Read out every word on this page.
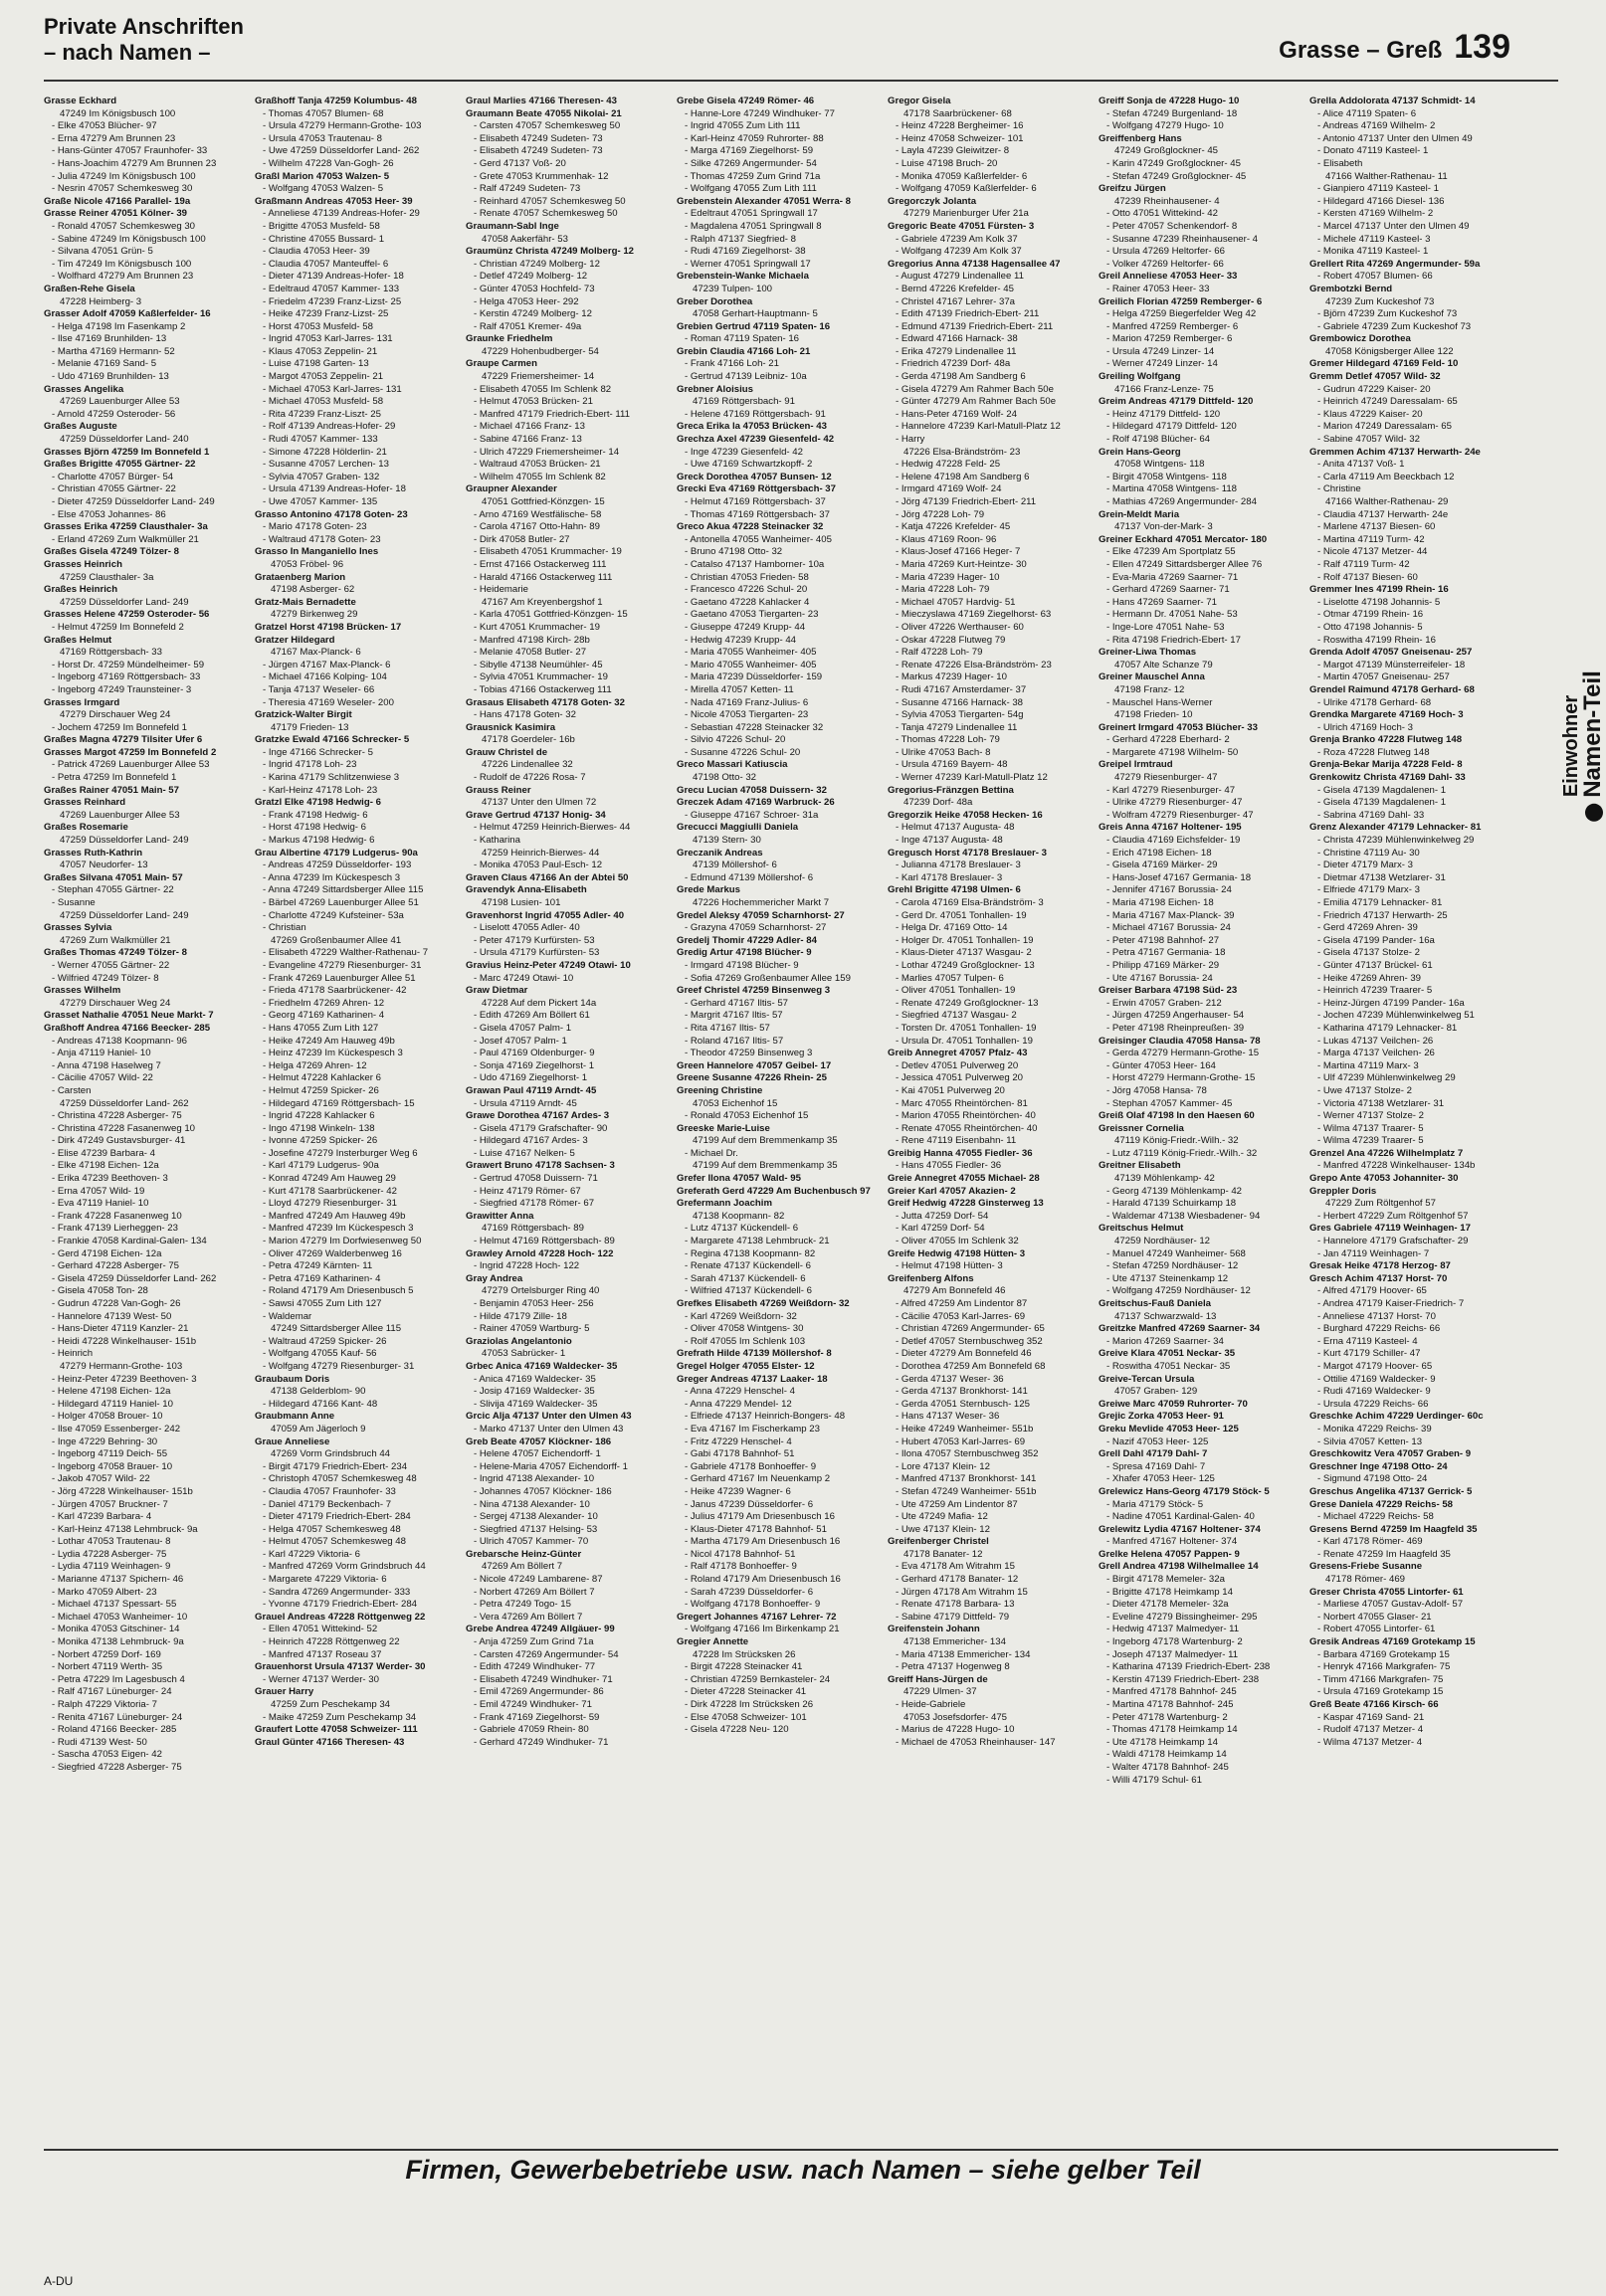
Private Anschriften
– nach Namen –	Grasse – Greß 139
Grasse Eckhard
47249 Im Königsbusch 100
- Elke 47053 Blücher- 97
- Erna 47279 Am Brunnen 23
- Hans-Günter 47057 Fraunhofer- 33
- Hans-Joachim 47279 Am Brunnen 23
- Julia 47249 Im Königsbusch 100
- Nesrin 47057 Schemkesweg 30
Graße Nicole 47166 Parallel- 19a
Grasse Reiner 47051 Kölner- 39
- Ronald 47057 Schemkesweg 30
- Sabine 47249 Im Königsbusch 100
- Silvana 47051 Grün- 5
- Tim 47249 Im Königsbusch 100
- Wolfhard 47279 Am Brunnen 23
Graßen-Rehe Gisela
47228 Heimberg- 3
Grasser Adolf 47059 Kaßlerfelder- 16
- Helga 47198 Im Fasenkamp 2
- Ilse 47169 Brunhilden- 13
- Martha 47169 Hermann- 52
- Melanie 47169 Sand- 5
- Udo 47169 Brunhilden- 13
Grasses Angelika
47269 Lauenburger Allee 53
- Arnold 47259 Osteroder- 56
Graßes Auguste
47259 Düsseldorfer Land- 240
Grasses Björn 47259 Im Bonnefeld 1
Graßes Brigitte 47055 Gärtner- 22
- Charlotte 47057 Bürger- 54
- Christian 47055 Gärtner- 22
- Dieter 47259 Düsseldorfer Land- 249
- Else 47053 Johannes- 86
Grasses Erika 47259 Clausthaler- 3a
- Erland 47269 Zum Walkmüller 21
Graßes Gisela 47249 Tölzer- 8
Grasses Heinrich
47259 Clausthaler- 3a
Graßes Heinrich
47259 Düsseldorfer Land- 249
Grasses Helene 47259 Osteroder- 56
- Helmut 47259 Im Bonnefeld 2
Graßes Helmut
47169 Röttgersbach- 33
- Horst Dr. 47259 Mündelheimer- 59
- Ingeborg 47169 Röttgersbach- 33
- Ingeborg 47249 Traunsteiner- 3
Grasses Irmgard
47279 Dirschauer Weg 24
- Jochem 47259 Im Bonnefeld 1
Graßes Magna 47279 Tilsiter Ufer 6
Grasses Margot 47259 Im Bonnefeld 2
- Patrick 47269 Lauenburger Allee 53
- Petra 47259 Im Bonnefeld 1
Graßes Rainer 47051 Main- 57
Grasses Reinhard
47269 Lauenburger Allee 53
Graßes Rosemarie
47259 Düsseldorfer Land- 249
Grasses Ruth-Kathrin
47057 Neudorfer- 13
Graßes Silvana 47051 Main- 57
- Stephan 47055 Gärtner- 22
- Susanne
47259 Düsseldorfer Land- 249
Grasses Sylvia
47269 Zum Walkmüller 21
Graßes Thomas 47249 Tölzer- 8
- Werner 47055 Gärtner- 22
- Wilfried 47249 Tölzer- 8
Grasses Wilhelm
47279 Dirschauer Weg 24
Grasset Nathalie 47051 Neue Markt- 7
Graßhoff Andrea 47166 Beecker- 285
- Andreas 47138 Koopmann- 96
- Anja 47119 Haniel- 10
- Anna 47198 Haselweg 7
- Cäcilie 47057 Wild- 22
- Carsten
47259 Düsseldorfer Land- 262
- Christina 47228 Asberger- 75
- Christina 47228 Fasanenweg 10
- Dirk 47249 Gustavsburger- 41
- Elise 47239 Barbara- 4
- Elke 47198 Eichen- 12a
- Erika 47239 Beethoven- 3
- Erna 47057 Wild- 19
- Eva 47119 Haniel- 10
- Frank 47228 Fasanenweg 10
- Frank 47139 Lierheggen- 23
- Frankie 47058 Kardinal-Galen- 134
- Gerd 47198 Eichen- 12a
- Gerhard 47228 Asberger- 75
- Gisela 47259 Düsseldorfer Land- 262
- Gisela 47058 Ton- 28
- Gudrun 47228 Van-Gogh- 26
- Hannelore 47139 West- 50
- Hans-Dieter 47119 Kanzler- 21
- Heidi 47228 Winkelhauser- 151b
- Heinrich
47279 Hermann-Grothe- 103
- Heinz-Peter 47239 Beethoven- 3
- Helene 47198 Eichen- 12a
- Hildegard 47119 Haniel- 10
- Holger 47058 Brouer- 10
- Ilse 47059 Essenberger- 242
- Inge 47229 Behring- 30
- Ingeborg 47119 Deich- 55
- Ingeborg 47058 Brauer- 10
- Jakob 47057 Wild- 22
- Jörg 47228 Winkelhauser- 151b
- Jürgen 47057 Bruckner- 7
- Karl 47239 Barbara- 4
- Karl-Heinz 47138 Lehmbruck- 9a
- Lothar 47053 Trautenau- 8
- Lydia 47228 Asberger- 75
- Lydia 47119 Weinhagen- 9
- Marianne 47137 Spichern- 46
- Marko 47059 Albert- 23
- Michael 47137 Spessart- 55
- Michael 47053 Wanheimer- 10
- Monika 47053 Gitschiner- 14
- Monika 47138 Lehmbruck- 9a
- Norbert 47259 Dorf- 169
- Norbert 47119 Werth- 35
- Petra 47229 Im Lagesbusch 4
- Ralf 47167 Lüneburger- 24
- Ralph 47229 Viktoria- 7
- Renita 47167 Lüneburger- 24
- Roland 47166 Beecker- 285
- Rudi 47139 West- 50
- Sascha 47053 Eigen- 42
- Siegfried 47228 Asberger- 75
Graßhoff Tanja 47259 Kolumbus- 48
- Thomas 47057 Blumen- 68
- Ursula 47279 Hermann-Grothe- 103
- Ursula 47053 Trautenau- 8
- Uwe 47259 Düsseldorfer Land- 262
- Wilhelm 47228 Van-Gogh- 26
Graßl Marion 47053 Walzen- 5
- Wolfgang 47053 Walzen- 5
Graßmann Andreas 47053 Heer- 39
- Anneliese 47139 Andreas-Hofer- 29
- Brigitte 47053 Musfeld- 58
- Christine 47055 Bussard- 1
- Claudia 47053 Heer- 39
- Claudia 47057 Manteuffel- 6
- Dieter 47139 Andreas-Hofer- 18
- Edeltraud 47057 Kammer- 133
- Friedelm 47239 Franz-Lizst- 25
- Heike 47239 Franz-Lizst- 25
- Horst 47053 Musfeld- 58
- Ingrid 47053 Karl-Jarres- 131
- Klaus 47053 Zeppelin- 21
- Luise 47198 Garten- 13
- Margot 47053 Zeppelin- 21
- Michael 47053 Karl-Jarres- 131
- Michael 47053 Musfeld- 58
- Rita 47239 Franz-Liszt- 25
- Rolf 47139 Andreas-Hofer- 29
- Rudi 47057 Kammer- 133
- Simone 47228 Hölderlin- 21
- Susanne 47057 Lerchen- 13
- Sylvia 47057 Graben- 132
- Ursula 47139 Andreas-Hofer- 18
- Uwe 47057 Kammer- 135
Grasso Antonino 47178 Goten- 23
- Mario 47178 Goten- 23
- Waltraud 47178 Goten- 23
Grasso In Manganiello Ines
47053 Fröbel- 96
Grataenberg Marion
47198 Asberger- 62
Gratz-Mais Bernadette
47279 Birkenweg 29
Gratzel Horst 47198 Brücken- 17
Gratzer Hildegard
47167 Max-Planck- 6
- Jürgen 47167 Max-Planck- 6
- Michael 47166 Kolping- 104
- Tanja 47137 Weseler- 66
- Theresia 47169 Weseler- 200
Gratzick-Walter Birgit
47179 Frieden- 13
Gratzke Ewald 47166 Schrecker- 5
- Inge 47166 Schrecker- 5
- Ingrid 47178 Loh- 23
- Karina 47179 Schlitzenwiese 3
- Karl-Heinz 47178 Loh- 23
Gratzl Elke 47198 Hedwig- 6
- Frank 47198 Hedwig- 6
- Horst 47198 Hedwig- 6
- Markus 47198 Hedwig- 6
Grau Albertine 47179 Ludgerus- 90a
- Andreas 47259 Düsseldorfer- 193
- Anna 47239 Im Kückespesch 3
- Anna 47249 Sittardsberger Allee 115
- Bärbel 47269 Lauenburger Allee 51
- Charlotte 47249 Kufsteiner- 53a
- Christian
47269 Großenbaumer Allee 41
- Elisabeth 47229 Walther-Rathenau- 7
- Evangeline 47279 Riesenburger- 31
- Frank 47269 Lauenburger Allee 51
- Frieda 47178 Saarbrückener- 42
- Friedhelm 47269 Ahren- 12
- Georg 47169 Katharinen- 4
- Hans 47055 Zum Lith 127
- Heike 47249 Am Hauweg 49b
- Heinz 47239 Im Kückespesch 3
- Helga 47269 Ahren- 12
- Helmut 47228 Kahlacker 6
- Helmut 47259 Spicker- 26
- Hildegard 47169 Röttgersbach- 15
- Ingrid 47228 Kahlacker 6
- Ingo 47198 Winkeln- 138
- Ivonne 47259 Spicker- 26
- Josefine 47279 Insterburger Weg 6
- Karl 47179 Ludgerus- 90a
- Konrad 47249 Am Hauweg 29
- Kurt 47178 Saarbrückener- 42
- Lloyd 47279 Riesenburger- 31
- Manfred 47249 Am Hauweg 49b
- Manfred 47239 Im Kückespesch 3
- Marion 47279 Im Dorfwiesenweg 50
- Oliver 47269 Walderbenweg 16
- Petra 47249 Kärnten- 11
- Petra 47169 Katharinen- 4
- Roland 47179 Am Driesenbusch 5
- Sawsi 47055 Zum Lith 127
- Waldemar
47249 Sittardsberger Allee 115
- Waltraud 47259 Spicker- 26
- Wolfgang 47055 Kauf- 56
- Wolfgang 47279 Riesenburger- 31
Graubaum Doris
47138 Gelderblom- 90
- Hildegard 47166 Kant- 48
Graubmann Anne
47059 Am Jägerloch 9
Graue Anneliese
47269 Vorm Grindsbruch 44
- Birgit 47179 Friedrich-Ebert- 234
- Christoph 47057 Schemkesweg 48
- Claudia 47057 Fraunhofer- 33
- Daniel 47179 Beckenbach- 7
- Dieter 47179 Friedrich-Ebert- 284
- Helga 47057 Schemkesweg 48
- Helmut 47057 Schemkesweg 48
- Karl 47229 Viktoria- 6
- Manfred 47269 Vorm Grindsbruch 44
- Margarete 47229 Viktoria- 6
- Sandra 47269 Angermunder- 333
- Yvonne 47179 Friedrich-Ebert- 284
Grauel Andreas 47228 Röttgenweg 22
- Ellen 47051 Wittekind- 52
- Heinrich 47228 Röttgenweg 22
- Manfred 47137 Roseau 37
Grauenhorst Ursula 47137 Werder- 30
- Werner 47137 Werder- 30
Grauer Harry
47259 Zum Peschekamp 34
- Maike 47259 Zum Peschekamp 34
Graufert Lotte 47058 Schweizer- 111
Graul Günter 47166 Theresen- 43
Graul Marlies 47166 Theresen- 43
Graumann Beate 47055 Nikolai- 21
- Carsten 47057 Schemkesweg 50
- Elisabeth 47249 Sudeten- 73
- Elisabeth 47249 Sudeten- 73
- Gerd 47137 Voß- 20
- Grete 47053 Krummenhak- 12
- Ralf 47249 Sudeten- 73
- Reinhard 47057 Schemkesweg 50
- Renate 47057 Schemkesweg 50
Graumann-Sabl Inge
47058 Aakerfähr- 53
Graumünz Christa 47249 Molberg- 12
- Christian 47249 Molberg- 12
- Detlef 47249 Molberg- 12
- Günter 47053 Hochfeld- 73
- Helga 47053 Heer- 292
- Kerstin 47249 Molberg- 12
- Ralf 47051 Kremer- 49a
Graunke Friedhelm
47229 Hohenbudberger- 54
Graupe Carmen
47229 Friemersheimer- 14
- Elisabeth 47055 Im Schlenk 82
- Helmut 47053 Brücken- 21
- Manfred 47179 Friedrich-Ebert- 111
- Michael 47166 Franz- 13
- Sabine 47166 Franz- 13
- Ulrich 47229 Friemersheimer- 14
- Waltraud 47053 Brücken- 21
- Wilhelm 47055 Im Schlenk 82
Graupner Alexander
47051 Gottfried-Könzgen- 15
- Arno 47169 Westfälische- 58
- Carola 47167 Otto-Hahn- 89
- Dirk 47058 Butler- 27
- Elisabeth 47051 Krummacher- 19
- Ernst 47166 Ostackerweg 111
- Harald 47166 Ostackerweg 111
- Heidemarie
47167 Am Kreyenbergshof 1
- Karla 47051 Gottfried-Könzgen- 15
- Kurt 47051 Krummacher- 19
- Manfred 47198 Kirch- 28b
- Melanie 47058 Butler- 27
- Sibylle 47138 Neumühler- 45
- Sylvia 47051 Krummacher- 19
- Tobias 47166 Ostackerweg 111
Grasaus Elisabeth 47178 Goten- 32
- Hans 47178 Goten- 32
Grausnick Kasimira
47178 Goerdeler- 16b
Grauw Christel de
47226 Lindenallee 32
- Rudolf de 47226 Rosa- 7
Grauss Reiner
47137 Unter den Ulmen 72
Grave Gertrud 47137 Honig- 34
- Helmut 47259 Heinrich-Bierwes- 44
- Katharina
47259 Heinrich-Bierwes- 44
- Monika 47053 Paul-Esch- 12
Graven Claus 47166 An der Abtei 50
Gravendyk Anna-Elisabeth
47198 Lusien- 101
Gravenhorst Ingrid 47055 Adler- 40
- Liselott 47055 Adler- 40
- Peter 47179 Kurfürsten- 53
- Ursula 47179 Kurfürsten- 53
Gravius Heinz-Peter 47249 Otawi- 10
- Marc 47249 Otawi- 10
Graw Dietmar
47228 Auf dem Pickert 14a
- Edith 47269 Am Böllert 61
- Gisela 47057 Palm- 1
- Josef 47057 Palm- 1
- Paul 47169 Oldenburger- 9
- Sonja 47169 Ziegelhorst- 1
- Udo 47169 Ziegelhorst- 1
Grawan Paul 47119 Arndt- 45
- Ursula 47119 Arndt- 45
Grawe Dorothea 47167 Ardes- 3
- Gisela 47179 Grafschafter- 90
- Hildegard 47167 Ardes- 3
- Luise 47167 Nelken- 5
Grawert Bruno 47178 Sachsen- 3
- Gertrud 47058 Duissern- 71
- Heinz 47179 Römer- 67
- Siegfried 47178 Römer- 67
Grawitter Anna
47169 Röttgersbach- 89
- Helmut 47169 Röttgersbach- 89
Grawley Arnold 47228 Hoch- 122
- Ingrid 47228 Hoch- 122
Gray Andrea
47279 Ortelsburger Ring 40
- Benjamin 47053 Heer- 256
- Hilde 47179 Zille- 18
- Rainer 47059 Wartburg- 5
Graziolas Angelantonio
47053 Sabrücker- 1
Grbec Anica 47169 Waldecker- 35
- Anica 47169 Waldecker- 35
- Josip 47169 Waldecker- 35
- Slivija 47169 Waldecker- 35
Grcic Alja 47137 Unter den Ulmen 43
- Marko 47137 Unter den Ulmen 43
Greb Beate 47057 Klöckner- 186
- Helene 47057 Eichendorff- 1
- Helene-Maria 47057 Eichendorff- 1
- Ingrid 47138 Alexander- 10
- Johannes 47057 Klöckner- 186
- Nina 47138 Alexander- 10
- Sergej 47138 Alexander- 10
- Siegfried 47137 Helsing- 53
- Ulrich 47057 Kammer- 70
Grebarsche Heinz-Günter
47269 Am Böllert 7
- Nicole 47249 Lambarene- 87
- Norbert 47269 Am Böllert 7
- Petra 47249 Togo- 15
- Vera 47269 Am Böllert 7
Grebe Andrea 47249 Allgäuer- 99
- Anja 47259 Zum Grind 71a
- Carsten 47269 Angermunder- 54
- Edith 47249 Windhuker- 77
- Elisabeth 47249 Windhuker- 71
- Emil 47269 Angermunder- 86
- Emil 47249 Windhuker- 71
- Frank 47169 Ziegelhorst- 59
- Gabriele 47059 Rhein- 80
- Gerhard 47249 Windhuker- 71
Grebe Gisela 47249 Römer- 46
- Hanne-Lore 47249 Windhuker- 77
- Ingrid 47055 Zum Lith 111
- Karl-Heinz 47059 Ruhrorter- 88
- Marga 47169 Ziegelhorst- 59
- Silke 47269 Angermunder- 54
- Thomas 47259 Zum Grind 71a
- Wolfgang 47055 Zum Lith 111
Grebenstein Alexander 47051 Werra- 8
- Edeltraut 47051 Springwall 17
- Magdalena 47051 Springwall 8
- Ralph 47137 Siegfried- 8
- Rudi 47169 Ziegelhorst- 38
- Werner 47051 Springwall 17
Grebenstein-Wanke Michaela
47239 Tulpen- 100
Greber Dorothea
47058 Gerhart-Hauptmann- 5
Grebien Gertrud 47119 Spaten- 16
- Roman 47119 Spaten- 16
Grebin Claudia 47166 Loh- 21
- Frank 47166 Loh- 21
- Gertrud 47139 Leibniz- 10a
Grebner Aloisius
47169 Röttgersbach- 91
- Helene 47169 Röttgersbach- 91
Greca Erika la 47053 Brücken- 43
Grechza Axel 47239 Giesenfeld- 42
- Inge 47239 Giesenfeld- 42
- Uwe 47169 Schwartzkopff- 2
Greck Dorothea 47057 Bunsen- 12
Grecki Eva 47169 Röttgersbach- 37
- Helmut 47169 Röttgersbach- 37
- Thomas 47169 Röttgersbach- 37
Greco Akua 47228 Steinacker 32
- Antonella 47055 Wanheimer- 405
- Bruno 47198 Otto- 32
- Catalso 47137 Hamborner- 10a
- Christian 47053 Frieden- 58
- Francesco 47226 Schul- 20
- Gaetano 47228 Kahlacker 4
- Gaetano 47053 Tiergarten- 23
- Giuseppe 47249 Krupp- 44
- Hedwig 47239 Krupp- 44
- Maria 47055 Wanheimer- 405
- Mario 47055 Wanheimer- 405
- Maria 47239 Düsseldorfer- 159
- Mirella 47057 Ketten- 11
- Nada 47169 Franz-Julius- 6
- Nicole 47053 Tiergarten- 23
- Sebastian 47228 Steinacker 32
- Silvio 47226 Schul- 20
- Susanne 47226 Schul- 20
Greco Massari Katiuscia
47198 Otto- 32
Grecu Lucian 47058 Duissern- 32
Greczek Adam 47169 Warbruck- 26
- Giuseppe 47167 Schroer- 31a
Grecucci Maggiulli Daniela
47139 Stern- 30
Greczanik Andreas
47139 Möllershof- 6
- Edmund 47139 Möllershof- 6
Grede Markus
47226 Hochemmericher Markt 7
Gredel Aleksy 47059 Scharnhorst- 27
- Grazyna 47059 Scharnhorst- 27
Gredelj Thomir 47229 Adler- 84
Gredig Artur 47198 Blücher- 9
- Irmgard 47198 Blücher- 9
- Sofia 47269 Großenbaumer Allee 159
Greef Christel 47259 Binsenweg 3
- Gerhard 47167 Iltis- 57
- Margrit 47167 Iltis- 57
- Rita 47167 Iltis- 57
- Roland 47167 Iltis- 57
- Theodor 47259 Binsenweg 3
Green Hannelore 47057 Geibel- 17
Greene Susanne 47226 Rhein- 25
Greening Christine
47053 Eichenhof 15
- Ronald 47053 Eichenhof 15
Greeske Marie-Luise
47199 Auf dem Bremmenkamp 35
- Michael Dr.
47199 Auf dem Bremmenkamp 35
Grefer Ilona 47057 Wald- 95
Greferath Gerd 47229 Am Buchenbusch 97
Grefermann Joachim
47138 Koopmann- 82
- Lutz 47137 Kückendell- 6
- Margarete 47138 Lehmbruck- 21
- Regina 47138 Koopmann- 82
- Renate 47137 Kückendell- 6
- Sarah 47137 Kückendell- 6
- Wilfried 47137 Kückendell- 6
Grefkes Elisabeth 47269 Weißdorn- 32
- Karl 47269 Weißdorn- 32
- Oliver 47058 Wintgens- 30
- Rolf 47055 Im Schlenk 103
Grefrath Hilde 47139 Möllershof- 8
Gregel Holger 47055 Elster- 12
Greger Andreas 47137 Laaker- 18
- Anna 47229 Henschel- 4
- Anna 47229 Mendel- 12
- Elfriede 47137 Heinrich-Bongers- 48
- Eva 47167 Im Fischerkamp 23
- Fritz 47229 Henschel- 4
- Gabi 47178 Bahnhof- 51
- Gabriele 47178 Bonhoeffer- 9
- Gerhard 47167 Im Neuenkamp 2
- Heike 47239 Wagner- 6
- Janus 47239 Düsseldorfer- 6
- Julius 47179 Am Driesenbusch 16
- Klaus-Dieter 47178 Bahnhof- 51
- Martha 47179 Am Driesenbusch 16
- Nicol 47178 Bahnhof- 51
- Ralf 47178 Bonhoeffer- 9
- Roland 47179 Am Driesenbusch 16
- Sarah 47239 Düsseldorfer- 6
- Wolfgang 47178 Bonhoeffer- 9
Gregert Johannes 47167 Lehrer- 72
- Wolfgang 47166 Im Birkenkamp 21
Gregier Annette
47228 Im Strücksken 26
- Birgit 47228 Steinacker 41
- Christian 47259 Bernkasteler- 24
- Dieter 47228 Steinacker 41
- Dirk 47228 Im Strücksken 26
- Else 47058 Schweizer- 101
- Gisela 47228 Neu- 120
Gregor Gisela
47178 Saarbrückener- 68
- Heinz 47228 Bergheimer- 16
- Heinz 47058 Schweizer- 101
- Layla 47239 Gleiwitzer- 8
- Luise 47198 Bruch- 20
- Monika 47059 Kaßlerfelder- 6
- Wolfgang 47059 Kaßlerfelder- 6
Gregorczyk Jolanta
47279 Marienburger Ufer 21a
Gregoric Beate 47051 Fürsten- 3
- Gabriele 47239 Am Kolk 37
- Wolfgang 47239 Am Kolk 37
Gregorius Anna 47138 Hagensallee 47
- August 47279 Lindenallee 11
- Bernd 47226 Krefelder- 45
- Christel 47167 Lehrer- 37a
- Edith 47139 Friedrich-Ebert- 211
- Edmund 47139 Friedrich-Ebert- 211
- Edward 47166 Harnack- 38
- Erika 47279 Lindenallee 11
- Friedrich 47239 Dorf- 48a
- Gerda 47198 Am Sandberg 6
- Gisela 47279 Am Rahmer Bach 50e
- Günter 47279 Am Rahmer Bach 50e
- Hans-Peter 47169 Wolf- 24
- Hannelore 47239 Karl-Matull-Platz 12
- Harry
47226 Elsa-Brändström- 23
- Hedwig 47228 Feld- 25
- Helene 47198 Am Sandberg 6
- Irmgard 47169 Wolf- 24
- Jörg 47139 Friedrich-Ebert- 211
- Jörg 47228 Loh- 79
- Katja 47226 Krefelder- 45
- Klaus 47169 Roon- 96
- Klaus-Josef 47166 Heger- 7
- Maria 47269 Kurt-Heintze- 30
- Maria 47239 Hager- 10
- Maria 47228 Loh- 79
- Michael 47057 Hardvig- 51
- Mieczyslawa 47169 Ziegelhorst- 63
- Oliver 47226 Werthauser- 60
- Oskar 47228 Flutweg 79
- Ralf 47228 Loh- 79
- Renate 47226 Elsa-Brändström- 23
- Markus 47239 Hager- 10
- Rudi 47167 Amsterdamer- 37
- Susanne 47166 Harnack- 38
- Sylvia 47053 Tiergarten- 54g
- Tanja 47279 Lindenallee 11
- Thomas 47228 Loh- 79
- Ulrike 47053 Bach- 8
- Ursula 47169 Bayern- 48
- Werner 47239 Karl-Matull-Platz 12
Gregorius-Fränzgen Bettina
47239 Dorf- 48a
Gregorzik Heike 47058 Hecken- 16
- Helmut 47137 Augusta- 48
- Inge 47137 Augusta- 48
Gregusch Horst 47178 Breslauer- 3
- Julianna 47178 Breslauer- 3
- Karl 47178 Breslauer- 3
Grehl Brigitte 47198 Ulmen- 6
- Carola 47169 Elsa-Brändström- 3
- Gerd Dr. 47051 Tonhallen- 19
- Helga Dr. 47169 Otto- 14
- Holger Dr. 47051 Tonhallen- 19
- Klaus-Dieter 47137 Wasgau- 2
- Lothar 47249 Großglockner- 13
- Marlies 47057 Tulpen- 6
- Oliver 47051 Tonhallen- 19
- Renate 47249 Großglockner- 13
- Siegfried 47137 Wasgau- 2
- Torsten Dr. 47051 Tonhallen- 19
- Ursula Dr. 47051 Tonhallen- 19
Greib Annegret 47057 Pfalz- 43
- Detlev 47051 Pulverweg 20
- Jessica 47051 Pulverweg 20
- Kai 47051 Pulverweg 20
- Marc 47055 Rheintörchen- 81
- Marion 47055 Rheintörchen- 40
- Renate 47055 Rheintörchen- 40
- Rene 47119 Eisenbahn- 11
Greibig Hanna 47055 Fiedler- 36
- Hans 47055 Fiedler- 36
Greie Annegret 47055 Michael- 28
Greier Karl 47057 Akazien- 2
Greif Hedwig 47228 Ginsterweg 13
- Jutta 47259 Dorf- 54
- Karl 47259 Dorf- 54
- Oliver 47055 Im Schlenk 32
Greife Hedwig 47198 Hütten- 3
- Helmut 47198 Hütten- 3
Greifenberg Alfons
47279 Am Bonnefeld 46
- Alfred 47259 Am Lindentor 87
- Cäcilie 47053 Karl-Jarres- 69
- Christian 47269 Angermunder- 65
- Detlef 47057 Sternbuschweg 352
- Dieter 47279 Am Bonnefeld 46
- Dorothea 47259 Am Bonnefeld 68
- Gerda 47137 Weser- 36
- Gerda 47137 Bronkhorst- 141
- Gerda 47051 Sternbusch- 125
- Hans 47137 Weser- 36
- Heike 47249 Wanheimer- 551b
- Hubert 47053 Karl-Jarres- 69
- Ilona 47057 Sternbuschweg 352
- Lore 47137 Klein- 12
- Manfred 47137 Bronkhorst- 141
- Stefan 47249 Wanheimer- 551b
- Ute 47259 Am Lindentor 87
- Ute 47249 Mafia- 12
- Uwe 47137 Klein- 12
Greifenberger Christel
47178 Banater- 12
- Eva 47178 Am Witrahm 15
- Gerhard 47178 Banater- 12
- Jürgen 47178 Am Witrahm 15
- Renate 47178 Barbara- 13
- Sabine 47179 Dittfeld- 79
Greifenstein Johann
47138 Emmericher- 134
- Maria 47138 Emmericher- 134
- Petra 47137 Hogenweg 8
Greiff Hans-Jürgen de
47229 Ulmen- 37
- Heide-Gabriele
47053 Josefsdorfer- 475
- Marius de 47228 Hugo- 10
- Michael de 47053 Rheinhauser- 147
Greiff Sonja de 47228 Hugo- 10
- Stefan 47249 Burgenland- 18
- Wolfgang 47279 Hugo- 10
Greiffenberg Hans
47249 Großglockner- 45
- Karin 47249 Großglockner- 45
- Stefan 47249 Großglockner- 45
Greifzu Jürgen
47239 Rheinhausener- 4
- Otto 47051 Wittekind- 42
- Peter 47057 Schenkendorf- 8
- Susanne 47239 Rheinhausener- 4
- Ursula 47269 Heltorfer- 66
- Volker 47269 Heltorfer- 66
Greil Anneliese 47053 Heer- 33
- Rainer 47053 Heer- 33
Greilich Florian 47259 Remberger- 6
- Helga 47259 Biegerfelder Weg 42
- Manfred 47259 Remberger- 6
- Marion 47259 Remberger- 6
- Ursula 47249 Linzer- 14
- Werner 47249 Linzer- 14
Greiling Wolfgang
47166 Franz-Lenze- 75
Greim Andreas 47179 Dittfeld- 120
- Heinz 47179 Dittfeld- 120
- Hildegard 47179 Dittfeld- 120
- Rolf 47198 Blücher- 64
Grein Hans-Georg
47058 Wintgens- 118
- Birgit 47058 Wintgens- 118
- Martina 47058 Wintgens- 118
- Mathias 47269 Angermunder- 284
Grein-Meldt Maria
47137 Von-der-Mark- 3
Greiner Eckhard 47051 Mercator- 180
- Elke 47239 Am Sportplatz 55
- Ellen 47249 Sittardsberger Allee 76
- Eva-Maria 47269 Saarner- 71
- Gerhard 47269 Saarner- 71
- Hans 47269 Saarner- 71
- Hermann Dr. 47051 Nahe- 53
- Inge-Lore 47051 Nahe- 53
- Rita 47198 Friedrich-Ebert- 17
Greiner-Liwa Thomas
47057 Alte Schanze 79
Greiner Mauschel Anna
47198 Franz- 12
- Mauschel Hans-Werner
47198 Frieden- 10
Greinert Irmgard 47053 Blücher- 33
- Gerhard 47228 Eberhard- 2
- Margarete 47198 Wilhelm- 50
Greipel Irmtraud
47279 Riesenburger- 47
- Karl 47279 Riesenburger- 47
- Ulrike 47279 Riesenburger- 47
- Wolfram 47279 Riesenburger- 47
Greis Anna 47167 Holtener- 195
- Claudia 47169 Eichsfelder- 19
- Erich 47198 Eichen- 18
- Gisela 47169 Märker- 29
- Hans-Josef 47167 Germania- 18
- Jennifer 47167 Borussia- 24
- Maria 47198 Eichen- 18
- Maria 47167 Max-Planck- 39
- Michael 47167 Borussia- 24
- Peter 47198 Bahnhof- 27
- Petra 47167 Germania- 18
- Philipp 47169 Märker- 29
- Ute 47167 Borussia- 24
Greiser Barbara 47198 Süd- 23
- Erwin 47057 Graben- 212
- Jürgen 47259 Angerhauser- 54
- Peter 47198 Rheinpreußen- 39
Greisinger Claudia 47058 Hansa- 78
- Gerda 47279 Hermann-Grothe- 15
- Günter 47053 Heer- 164
- Horst 47279 Hermann-Grothe- 15
- Jörg 47058 Hansa- 78
- Stephan 47057 Kammer- 45
Greiß Olaf 47198 In den Haesen 60
Greissner Cornelia
47119 König-Friedr.-Wilh.- 32
- Lutz 47119 König-Friedr.-Wilh.- 32
Greitner Elisabeth
47139 Möhlenkamp- 42
- Georg 47139 Möhlenkamp- 42
- Harald 47139 Schuirkamp 18
- Waldemar 47138 Wiesbadener- 94
Greitschus Helmut
47259 Nordhäuser- 12
- Manuel 47249 Wanheimer- 568
- Stefan 47259 Nordhäuser- 12
- Ute 47137 Steinenkamp 12
- Wolfgang 47259 Nordhäuser- 12
Greitschus-Fauß Daniela
47137 Schwarzwald- 13
Greitzke Manfred 47269 Saarner- 34
- Marion 47269 Saarner- 34
Greive Klara 47051 Neckar- 35
- Roswitha 47051 Neckar- 35
Greive-Tercan Ursula
47057 Graben- 129
Greiwe Marc 47059 Ruhrorter- 70
Grejic Zorka 47053 Heer- 91
Greku Mevlide 47053 Heer- 125
- Nazif 47053 Heer- 125
Grell Dahl 47179 Dahl- 7
- Spresa 47169 Dahl- 7
- Xhafer 47053 Heer- 125
Grelewicz Hans-Georg 47179 Stöck- 5
- Maria 47179 Stöck- 5
- Nadine 47051 Kardinal-Galen- 40
Grelewitz Lydia 47167 Holtener- 374
- Manfred 47167 Holtener- 374
Grelke Helena 47057 Pappen- 9
Grell Andrea 47198 Wilhelmallee 14
- Birgit 47178 Memeler- 32a
- Brigitte 47178 Heimkamp 14
- Dieter 47178 Memeler- 32a
- Eveline 47279 Bissingheimer- 295
- Hedwig 47137 Malmedyer- 11
- Ingeborg 47178 Wartenburg- 2
- Joseph 47137 Malmedyer- 11
- Katharina 47139 Friedrich-Ebert- 238
- Kerstin 47139 Friedrich-Ebert- 238
- Manfred 47178 Bahnhof- 245
- Martina 47178 Bahnhof- 245
- Peter 47178 Wartenburg- 2
- Thomas 47178 Heimkamp 14
- Ute 47178 Heimkamp 14
- Waldi 47178 Heimkamp 14
- Walter 47178 Bahnhof- 245
- Willi 47179 Schul- 61
Grella Addolorata 47137 Schmidt- 14
- Alice 47119 Spaten- 6
- Andreas 47169 Wilhelm- 2
- Antonio 47137 Unter den Ulmen 49
- Donato 47119 Kasteel- 1
- Elisabeth
47166 Walther-Rathenau- 11
- Gianpiero 47119 Kasteel- 1
- Hildegard 47166 Diesel- 136
- Kersten 47169 Wilhelm- 2
- Marcel 47137 Unter den Ulmen 49
- Michele 47119 Kasteel- 3
- Monika 47119 Kasteel- 1
Grellert Rita 47269 Angermunder- 59a
- Robert 47057 Blumen- 66
Grembotzki Bernd
47239 Zum Kuckeshof 73
- Björn 47239 Zum Kuckeshof 73
- Gabriele 47239 Zum Kuckeshof 73
Grembowicz Dorothea
47058 Königsberger Allee 122
Gremer Hildegard 47169 Feld- 10
Gremm Detlef 47057 Wild- 32
- Gudrun 47229 Kaiser- 20
- Heinrich 47249 Daressalam- 65
- Klaus 47229 Kaiser- 20
- Marion 47249 Daressalam- 65
- Sabine 47057 Wild- 32
Gremmen Achim 47137 Herwarth- 24e
- Anita 47137 Voß- 1
- Carla 47119 Am Beeckbach 12
- Christine
47166 Walther-Rathenau- 29
- Claudia 47137 Herwarth- 24e
- Marlene 47137 Biesen- 60
- Martina 47119 Turm- 42
- Nicole 47137 Metzer- 44
- Ralf 47119 Turm- 42
- Rolf 47137 Biesen- 60
Gremmer Ines 47199 Rhein- 16
- Liselotte 47198 Johannis- 5
- Otmar 47199 Rhein- 16
- Otto 47198 Johannis- 5
- Roswitha 47199 Rhein- 16
Grenda Adolf 47057 Gneisenau- 257
- Margot 47139 Münsterreifeler- 18
- Martin 47057 Gneisenau- 257
Grendel Raimund 47178 Gerhard- 68
- Ulrike 47178 Gerhard- 68
Grendka Margarete 47169 Hoch- 3
- Ulrich 47169 Hoch- 3
Grenja Branko 47228 Flutweg 148
- Roza 47228 Flutweg 148
Grenja-Bekar Marija 47228 Feld- 8
Grenkowitz Christa 47169 Dahl- 33
- Gisela 47139 Magdalenen- 1
- Gisela 47139 Magdalenen- 1
- Sabrina 47169 Dahl- 33
Grenz Alexander 47179 Lehnacker- 81
- Christa 47239 Mühlenwinkelweg 29
- Christine 47119 Au- 30
- Dieter 47179 Marx- 3
- Dietmar 47138 Wetzlarer- 31
- Elfriede 47179 Marx- 3
- Emilia 47179 Lehnacker- 81
- Friedrich 47137 Herwarth- 25
- Gerd 47269 Ahren- 39
- Gisela 47199 Pander- 16a
- Gisela 47137 Stolze- 2
- Günter 47137 Brückel- 61
- Heike 47269 Ahren- 39
- Heinrich 47239 Traarer- 5
- Heinz-Jürgen 47199 Pander- 16a
- Jochen 47239 Mühlenwinkelweg 51
- Katharina 47179 Lehnacker- 81
- Lukas 47137 Veilchen- 26
- Marga 47137 Veilchen- 26
- Martina 47119 Marx- 3
- Ulf 47239 Mühlenwinkelweg 29
- Uwe 47137 Stolze- 2
- Victoria 47138 Wetzlarer- 31
- Werner 47137 Stolze- 2
- Wilma 47137 Traarer- 5
- Wilma 47239 Traarer- 5
Grenzel Ana 47226 Wilhelmplatz 7
- Manfred 47228 Winkelhauser- 134b
Grepo Ante 47053 Johanniter- 30
Greppler Doris
47229 Zum Röltgenhof 57
- Herbert 47229 Zum Röltgenhof 57
Gres Gabriele 47119 Weinhagen- 17
- Hannelore 47179 Grafschafter- 29
- Jan 47119 Weinhagen- 7
Gresak Heike 47178 Herzog- 87
Gresch Achim 47137 Horst- 70
- Alfred 47179 Hoover- 65
- Andrea 47179 Kaiser-Friedrich- 7
- Anneliese 47137 Horst- 70
- Burghard 47229 Reichs- 66
- Erna 47119 Kasteel- 4
- Kurt 47179 Schiller- 47
- Margot 47179 Hoover- 65
- Ottilie 47169 Waldecker- 9
- Rudi 47169 Waldecker- 9
- Ursula 47229 Reichs- 66
Greschke Achim 47229 Uerdinger- 60c
- Monika 47229 Reichs- 39
- Silvia 47057 Ketten- 13
Greschkowitz Vera 47057 Graben- 9
Greschner Inge 47198 Otto- 24
- Sigmund 47198 Otto- 24
Greschus Angelika 47137 Gerrick- 5
Grese Daniela 47229 Reichs- 58
- Michael 47229 Reichs- 58
Gresens Bernd 47259 Im Haagfeld 35
- Karl 47178 Römer- 469
- Renate 47259 Im Haagfeld 35
Gresens-Friebe Susanne
47178 Römer- 469
Greser Christa 47055 Lintorfer- 61
- Marliese 47057 Gustav-Adolf- 57
- Norbert 47055 Glaser- 21
- Robert 47055 Lintorfer- 61
Gresik Andreas 47169 Grotekamp 15
- Barbara 47169 Grotekamp 15
- Henryk 47166 Markgrafen- 75
- Timm 47166 Markgrafen- 75
- Ursula 47169 Grotekamp 15
Greß Beate 47166 Kirsch- 66
- Kaspar 47169 Sand- 21
- Rudolf 47137 Metzer- 4
- Wilma 47137 Metzer- 4
Einwohner
Namen-Teil
Firmen, Gewerbebetriebe usw. nach Namen – siehe gelber Teil
A-DU
